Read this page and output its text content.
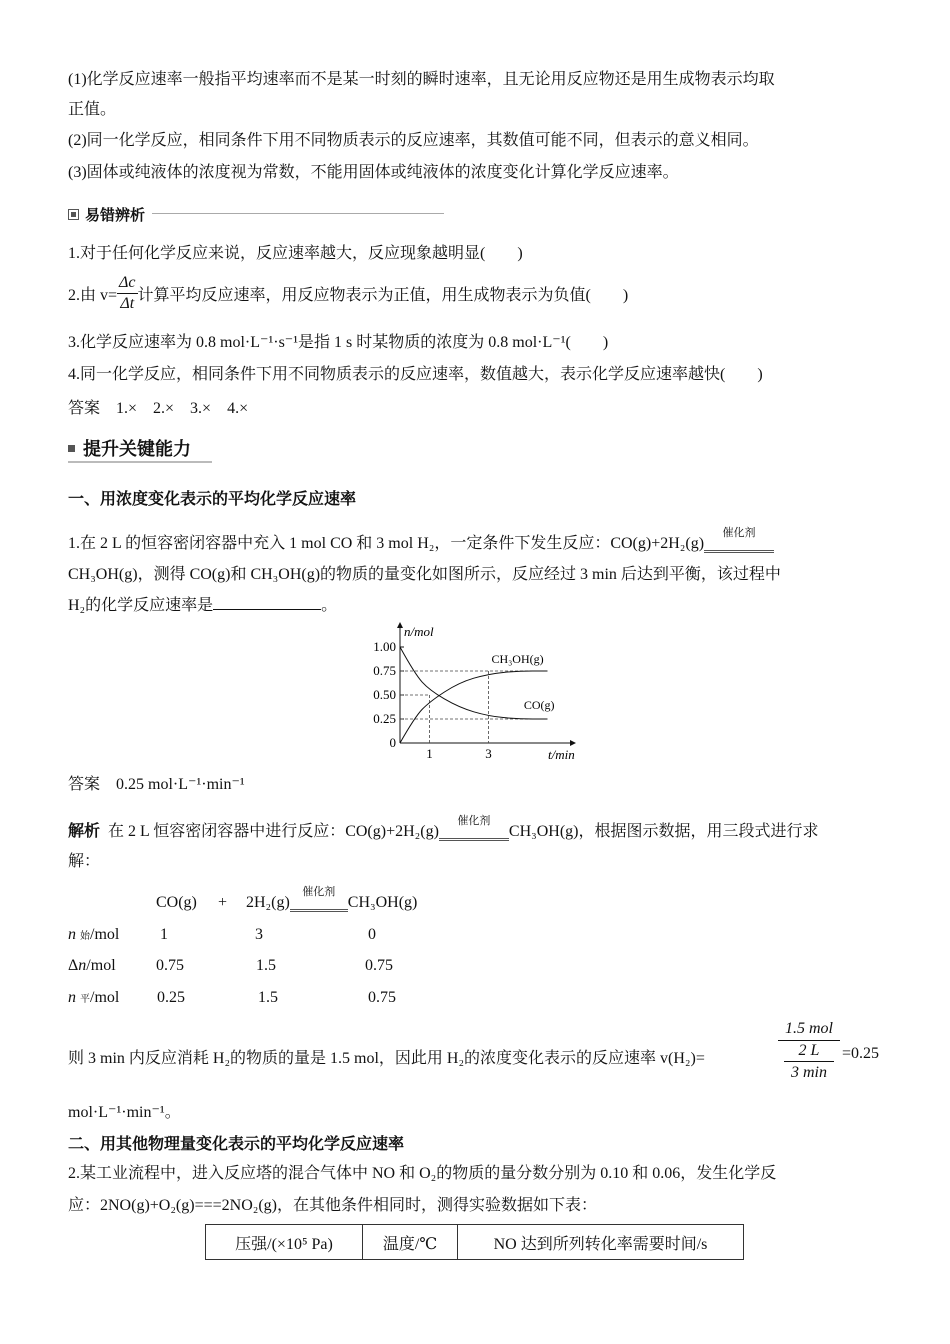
(1)化学反应速率一般指平均速率而不是某一时刻的瞬时速率，且无论用反应物还是用生成物表示均取
正值。
(2)同一化学反应，相同条件下用不同物质表示的反应速率，其数值可能不同，但表示的意义相同。
(3)固体或纯液体的浓度视为常数，不能用固体或纯液体的浓度变化计算化学反应速率。
易错辨析
1.对于任何化学反应来说，反应速率越大，反应现象越明显(　　)
2.由 $v= \frac{\Delta c}{\Delta t}$ 计算平均反应速率，用反应物表示为正值，用生成物表示为负值(　　)
3.化学反应速率为 0.8 mol·L⁻¹·s⁻¹是指 1 s 时某物质的浓度为 0.8 mol·L⁻¹(　　)
4.同一化学反应，相同条件下用不同物质表示的反应速率，数值越大，表示化学反应速率越快(　　)
答案　1.×　2.×　3.×　4.×
提升关键能力
一、用浓度变化表示的平均化学反应速率
1.在 2 L 的恒容密闭容器中充入 1 mol CO 和 3 mol H₂，一定条件下发生反应：CO(g)+2H₂(g)
催化剂
CH₃OH(g)，测得 CO(g)和 CH₃OH(g)的物质的量变化如图所示，反应经过 3 min 后达到平衡，该过程中
H₂的化学反应速率是	。
n/mol
t/min
1.00
0.75
0.50
0.25
0
1	3
CH₃OH(g)
CO(g)
答案　0.25 mol·L⁻¹·min⁻¹
解析 在 2 L 恒容密闭容器中进行反应：CO(g)+2H₂(g)
催化剂
CH₃OH(g)，根据图示数据，用三段式进行求
解：
CO(g) + 2H₂(g)
催化剂
CH₃OH(g)
n 始/mol	1	3	0
Δn/mol	0.75	1.5	0.75
n 平/mol 0.25	1.5	0.75
则 3 min 内反应消耗 H₂的物质的量是 1.5 mol，因此用 H₂的浓度变化表示的反应速率 v(H₂)=
1.5 mol
2 L
3 min
=0.25
mol·L⁻¹·min⁻¹。
二、用其他物理量变化表示的平均化学反应速率
2.某工业流程中，进入反应塔的混合气体中 NO 和 O₂的物质的量分数分别为 0.10 和 0.06，发生化学反
应：2NO(g)+O₂(g)===2NO₂(g)，在其他条件相同时，测得实验数据如下表：
压强/(×10⁵ Pa)	温度/℃	NO 达到所列转化率需要时间/s
